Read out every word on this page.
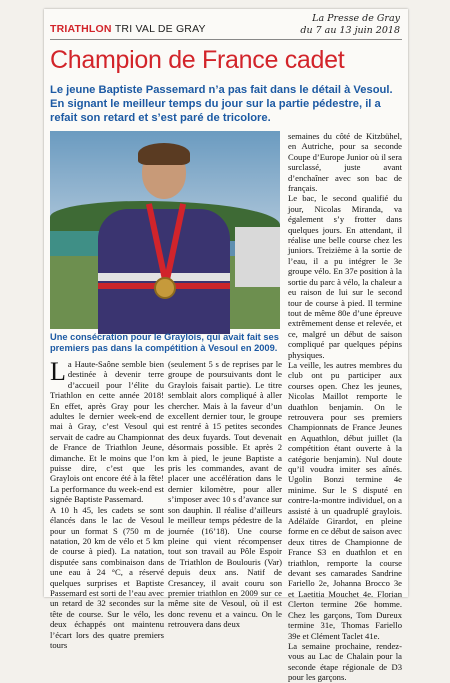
TRIATHLON TRI VAL DE GRAY
La Presse de Gray
du 7 au 13 juin 2018
Champion de France cadet
Le jeune Baptiste Passemard n’a pas fait dans le détail à Vesoul. En signant le meilleur temps du jour sur la partie pédestre, il a refait son retard et s’est paré de tricolore.
Une consécration pour le Graylois, qui avait fait ses premiers pas dans la compétition à Vesoul en 2009.
La Haute-Saône semble bien destinée à devenir terre d’accueil pour l’élite du Triathlon en cette année 2018! En effet, après Gray pour les adultes le dernier week-end de mai à Gray, c’est Vesoul qui servait de cadre au Championnat de France de Triathlon Jeune, dimanche. Et le moins que l’on puisse dire, c’est que les Graylois ont encore été à la fête! La performance du week-end est signée Baptiste Passemard.
A 10 h 45, les cadets se sont élancés dans le lac de Vesoul pour un format S (750 m de natation, 20 km de vélo et 5 km de course à pied). La natation, disputée sans combinaison dans une eau à 24 °C, a réservé quelques surprises et Baptiste Passemard est sorti de l’eau avec un retard de 32 secondes sur la tête de course. Sur le vélo, les deux échappés ont maintenu l’écart lors des quatre premiers tours
(seulement 5 s de reprises par le groupe de poursuivants dont le Graylois faisait partie). Le titre semblait alors compliqué à aller chercher. Mais à la faveur d’un excellent dernier tour, le groupe est rentré à 15 petites secondes des deux fuyards. Tout devenait désormais possible. Et après 2 km à pied, le jeune Baptiste a pris les commandes, avant de placer une accélération dans le dernier kilomètre, pour aller s’imposer avec 10 s d’avance sur son dauphin. Il réalise d’ailleurs le meilleur temps pédestre de la journée (16’18). Une course pleine qui vient récompenser tout son travail au Pôle Espoir de Triathlon de Boulouris (Var) depuis deux ans. Natif de Cresancey, il avait couru son premier triathlon en 2009 sur ce même site de Vesoul, où il est donc revenu et a vaincu. On le retrouvera dans deux
semaines du côté de Kitzbühel, en Autriche, pour sa seconde Coupe d’Europe Junior où il sera surclassé, juste avant d’enchaîner avec son bac de français.
Le bac, le second qualifié du jour, Nicolas Miranda, va également s’y frotter dans quelques jours. En attendant, il réalise une belle course chez les juniors. Treizième à la sortie de l’eau, il a pu intégrer le 3e groupe vélo. En 37e position à la sortie du parc à vélo, la chaleur a eu raison de lui sur le second tour de course à pied. Il termine tout de même 80e d’une épreuve extrêmement dense et relevée, et ce, malgré un début de saison compliqué par quelques pépins physiques.
La veille, les autres membres du club ont pu participer aux courses open. Chez les jeunes, Nicolas Maillot remporte le duathlon benjamin. On le retrouvera pour ses premiers Championnats de France Jeunes en Aquathlon, début juillet (la compétition étant ouverte à la catégorie benjamin). Nul doute qu’il voudra imiter ses aînés. Ugolin Bonzi termine 4e minime. Sur le S disputé en contre-la-montre individuel, on a assisté à un quadruplé graylois. Adélaïde Girardot, en pleine forme en ce début de saison avec deux titres de Championne de France S3 en duathlon et en triathlon, remporte la course devant ses camarades Sandrine Fariello 2e, Johanna Brocco 3e et Laetitia Mouchet 4e. Florian Clerton termine 26e homme. Chez les garçons, Tom Dureux termine 31e, Thomas Fariello 39e et Clément Taclet 41e.
La semaine prochaine, rendez-vous au Lac de Chalain pour la seconde étape régionale de D3 pour les garçons.
